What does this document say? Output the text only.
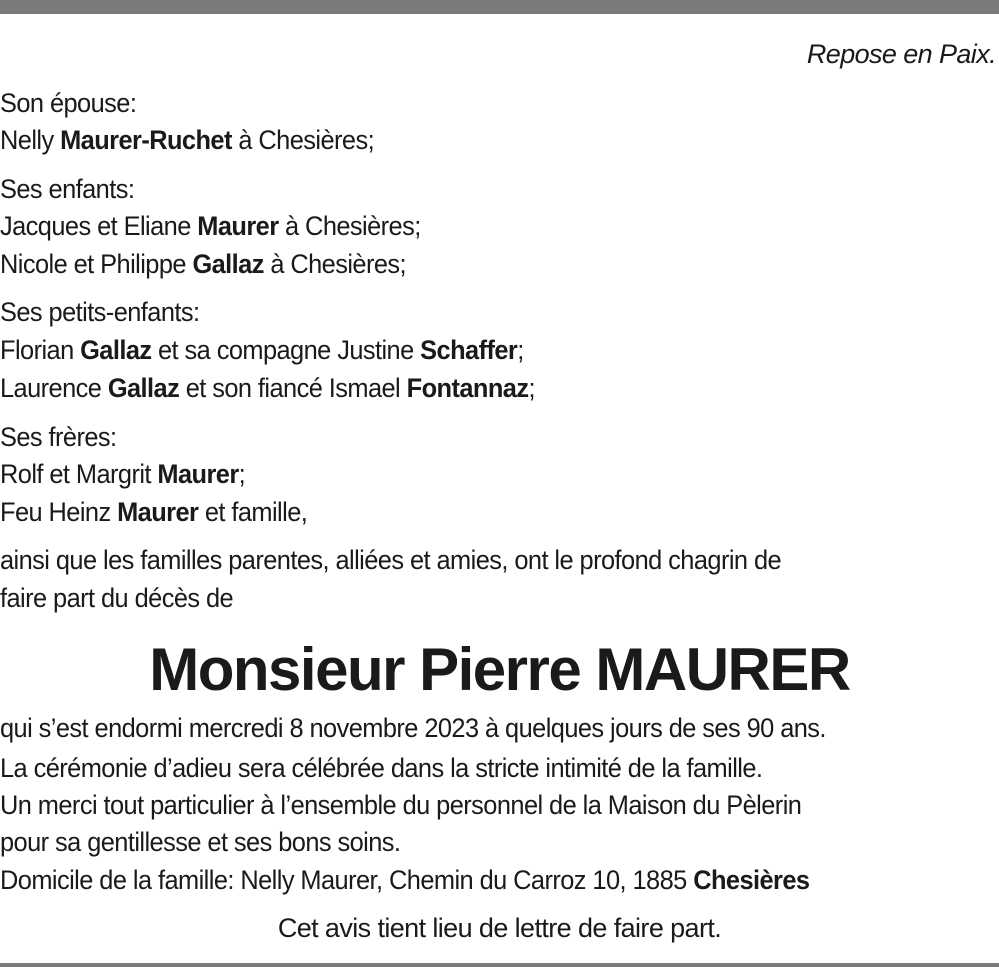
Repose en Paix.
Son épouse:
Nelly Maurer-Ruchet à Chesières;
Ses enfants:
Jacques et Eliane Maurer à Chesières;
Nicole et Philippe Gallaz à Chesières;
Ses petits-enfants:
Florian Gallaz et sa compagne Justine Schaffer;
Laurence Gallaz et son fiancé Ismael Fontannaz;
Ses frères:
Rolf et Margrit Maurer;
Feu Heinz Maurer et famille,
ainsi que les familles parentes, alliées et amies, ont le profond chagrin de
faire part du décès de
Monsieur Pierre MAURER
qui s’est endormi mercredi 8 novembre 2023 à quelques jours de ses 90 ans.
La cérémonie d’adieu sera célébrée dans la stricte intimité de la famille.
Un merci tout particulier à l’ensemble du personnel de la Maison du Pèlerin
pour sa gentillesse et ses bons soins.
Domicile de la famille: Nelly Maurer, Chemin du Carroz 10, 1885 Chesières
Cet avis tient lieu de lettre de faire part.
